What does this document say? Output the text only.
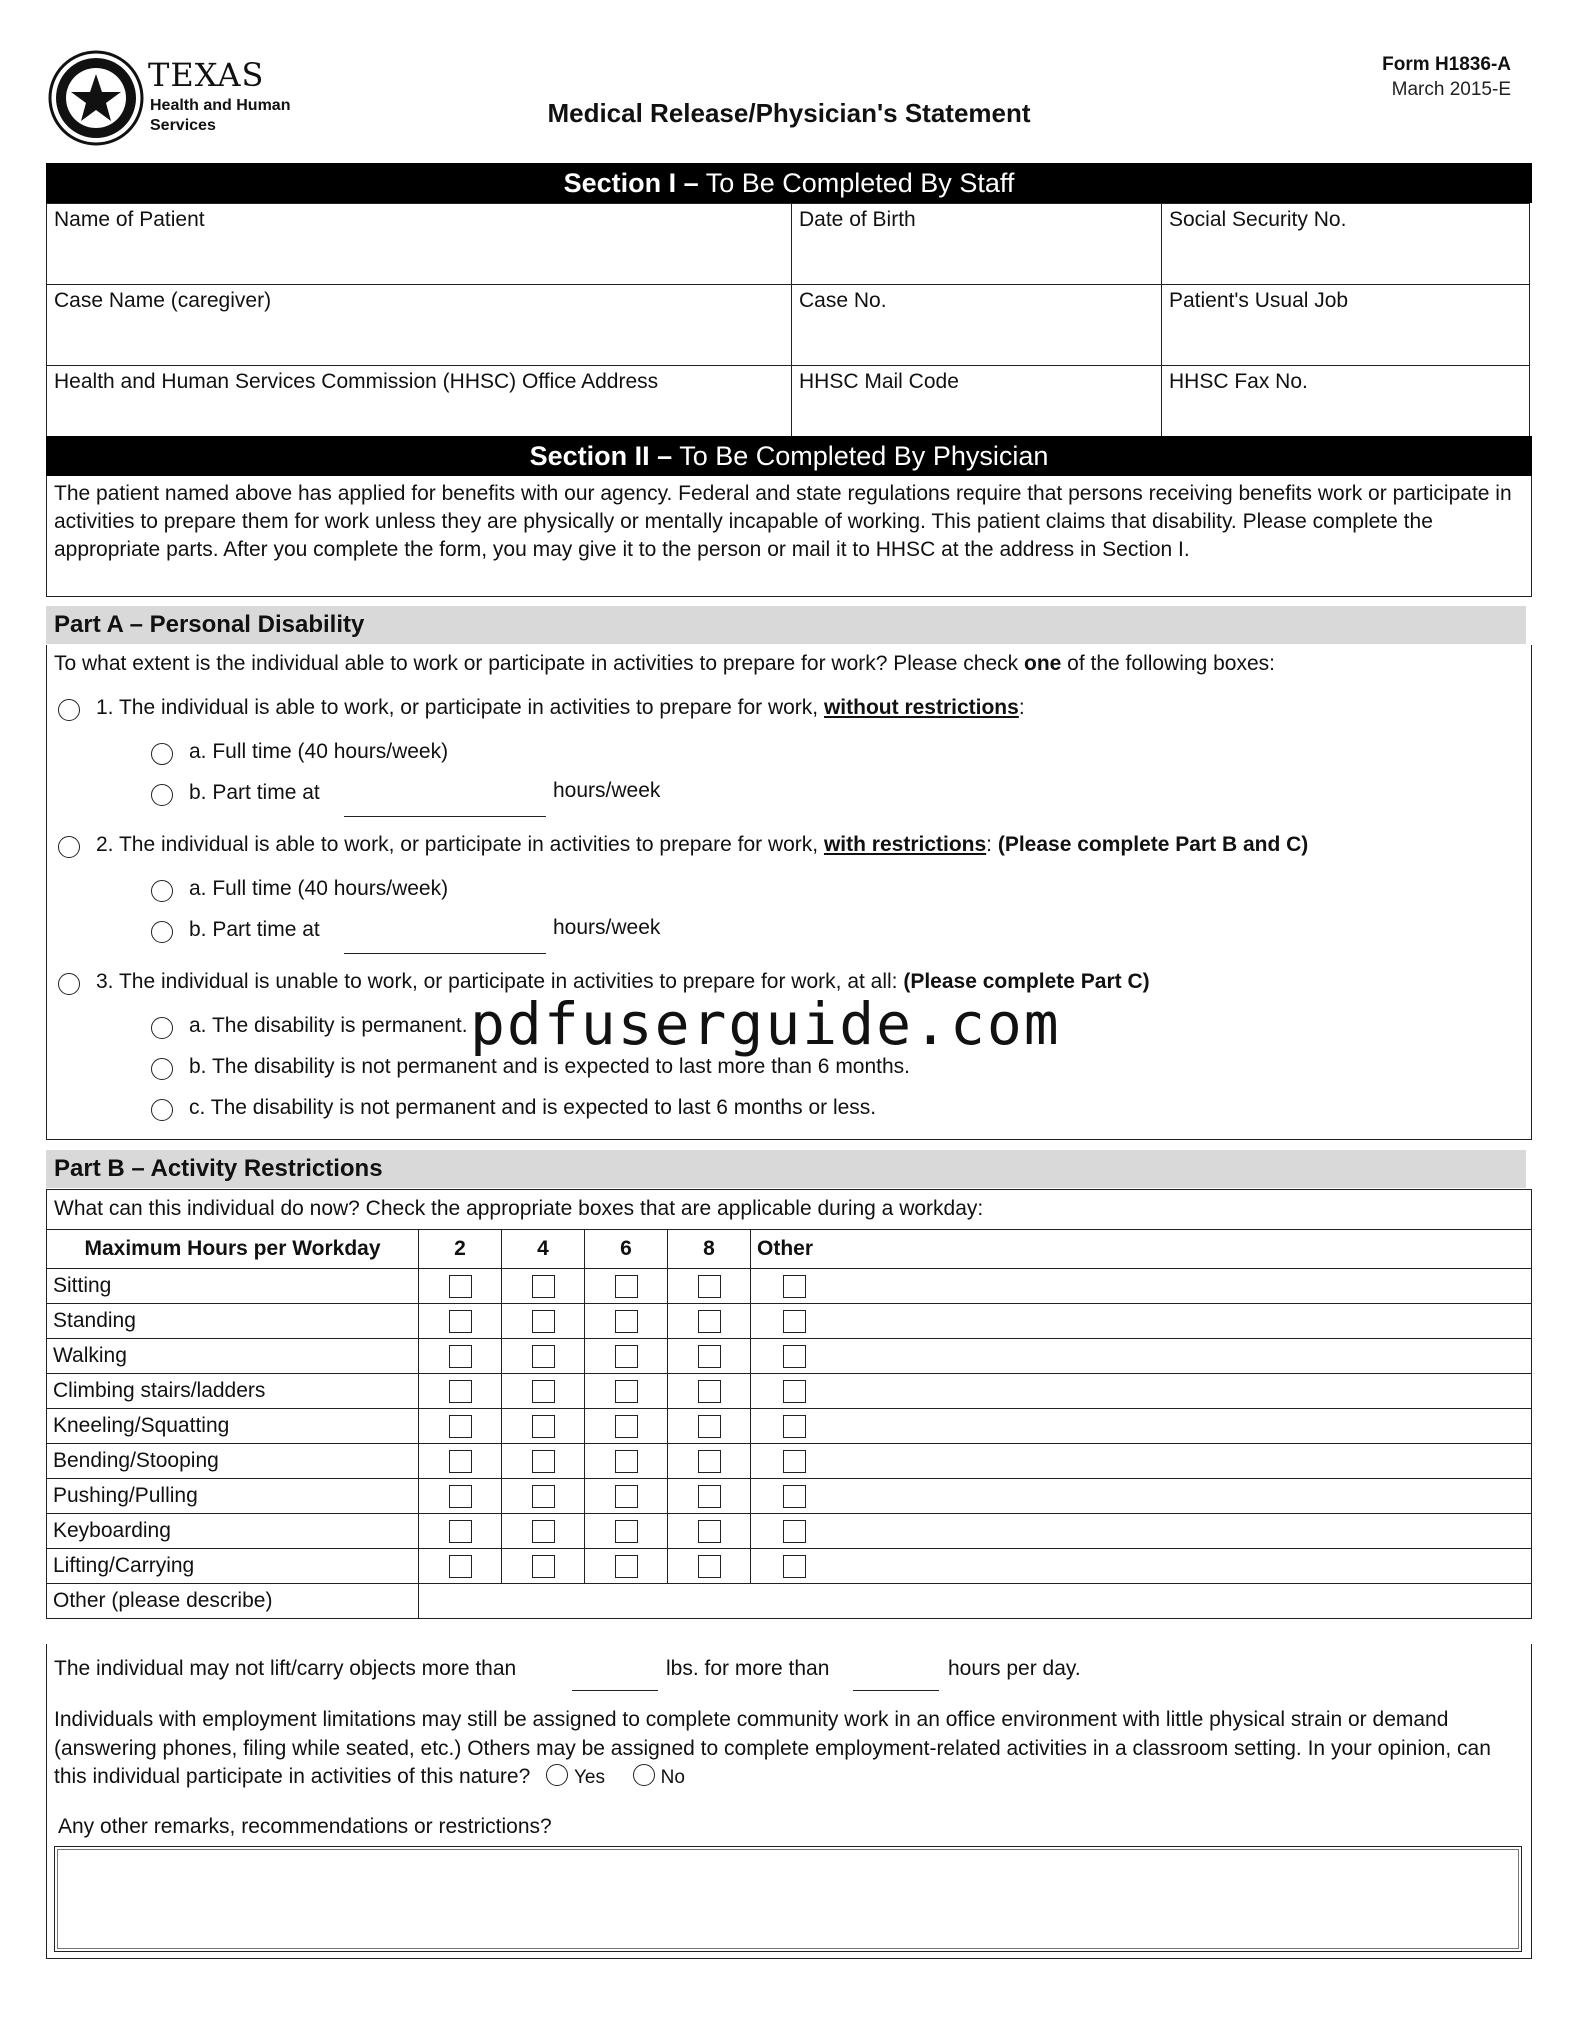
TEXAS
Health and Human
Services	Medical Release/Physician's Statement
Form H1836-A
March 2015-E
Section I – To Be Completed By Staff
Name of Patient	Date of Birth	Social Security No.
Case Name (caregiver)	Case No.	Patient's Usual Job
Health and Human Services Commission (HHSC) Office Address	HHSC Mail Code	HHSC Fax No.
Section II – To Be Completed By Physician
The patient named above has applied for benefits with our agency. Federal and state regulations require that persons receiving benefits work or participate in activities to prepare them for work unless they are physically or mentally incapable of working. This patient claims that disability. Please complete the appropriate parts. After you complete the form, you may give it to the person or mail it to HHSC at the address in Section I.
Part A – Personal Disability
To what extent is the individual able to work or participate in activities to prepare for work? Please check one of the following boxes:
1. The individual is able to work, or participate in activities to prepare for work, without restrictions:
a. Full time (40 hours/week)
b. Part time at	hours/week
2. The individual is able to work, or participate in activities to prepare for work, with restrictions: (Please complete Part B and C)
a. Full time (40 hours/week)
b. Part time at	hours/week
3. The individual is unable to work, or participate in activities to prepare for work, at all: (Please complete Part C)
a. The disability is permanent.
b. The disability is not permanent and is expected to last more than 6 months.
c. The disability is not permanent and is expected to last 6 months or less.
pdfuserguide.com
Part B – Activity Restrictions
What can this individual do now? Check the appropriate boxes that are applicable during a workday:
Maximum Hours per Workday	2	4	6	8	Other
Sitting					
Standing					
Walking					
Climbing stairs/ladders					
Kneeling/Squatting					
Bending/Stooping					
Pushing/Pulling					
Keyboarding					
Lifting/Carrying					
Other (please describe)					
The individual may not lift/carry objects more than	lbs. for more than	hours per day.
Individuals with employment limitations may still be assigned to complete community work in an office environment with little physical strain or demand (answering phones, filing while seated, etc.) Others may be assigned to complete employment-related activities in a classroom setting. In your opinion, can this individual participate in activities of this nature? Yes	No
Any other remarks, recommendations or restrictions?
